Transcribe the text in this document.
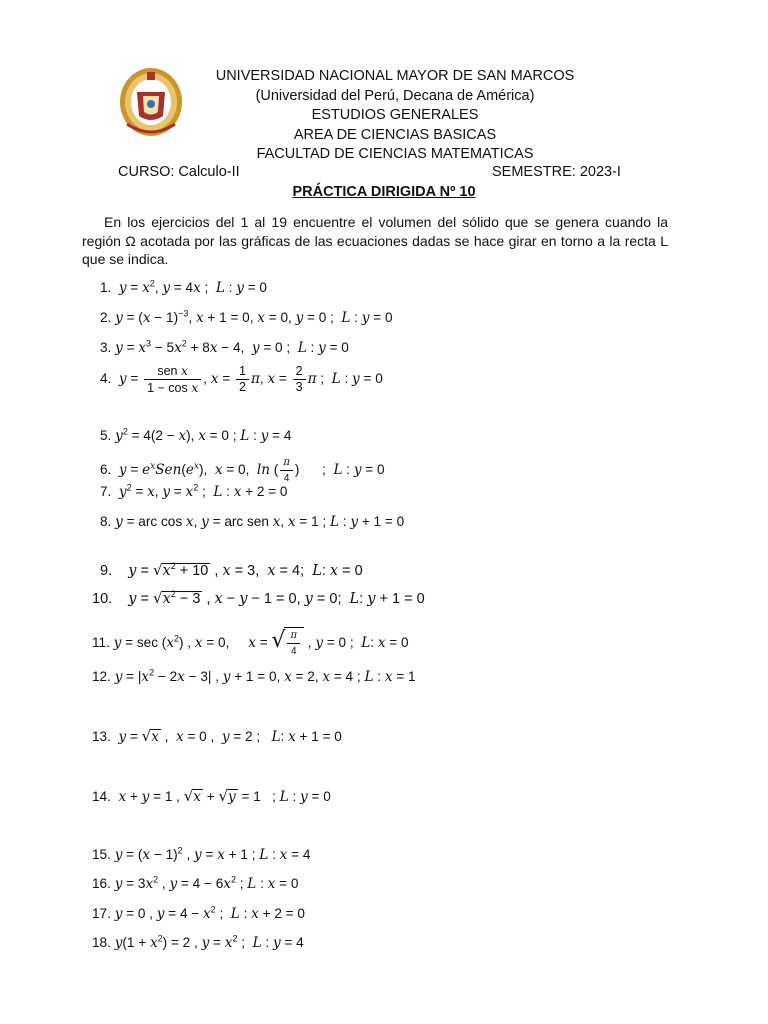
UNIVERSIDAD NACIONAL MAYOR DE SAN MARCOS
(Universidad del Perú, Decana de América)
ESTUDIOS GENERALES
AREA DE CIENCIAS BASICAS
FACULTAD DE CIENCIAS MATEMATICAS
CURSO: Calculo-II	SEMESTRE: 2023-I
PRÁCTICA DIRIGIDA Nº 10
En los ejercicios del 1 al 19 encuentre el volumen del sólido que se genera cuando la región Ω acotada por las gráficas de las ecuaciones dadas se hace girar en torno a la recta L que se indica.
1. $y = x^2$, y = 4x ;  L : y = 0
2. $y = (x - 1)^{-3}$, x + 1 = 0, x = 0, y = 0 ;  L : y = 0
3. $y = x^3 - 5x^2 + 8x - 4$,  y = 0 ;  L : y = 0
4. $y = \frac{\text{sen x}}{\text{1 − cos x}}$ , $x = \frac{1}{2} \pi$, $x = \frac{2}{3}$ π ;  L : y = 0
5. $y^2 = 4(2 - x)$, x = 0 ; L : y = 4
6. $y = e^xSen(e^x)$,  x = 0,  ln ( $\frac{\pi}{4}$ )      ;  L : y = 0
7. $y^2 = x$, $y = x^2$ ;  L : x + 2 = 0
8. y = arc cos x, y = arc sen x, x = 1 ; L : y + 1 = 0
9. $y = √x^2 + 10$ , x = 3,  x = 4;  L: x = 0
10. $y = √x^2 - 3$ , x − y − 1 = 0, y = 0;  L: y + 1 = 0
11. $y = \sec (x^2)$ , x = 0,     x = √ $\frac{\pi}{4}$ , y = 0 ;  L: x = 0
12. $y = |x^2 - 2x - 3|$ , y + 1 = 0, x = 2, x = 4 ; L : x = 1
13. y = √x ,  x = 0 ,  y = 2 ;   L: x + 1 = 0
14. x + y = 1 , √x + √y = 1   ; L : y = 0
15. $y = (x - 1)^2$ , y = x + 1 ; L : x = 4
16. $y = 3x^2$ , $y = 4 - 6x^2$ ; L : x = 0
17. y = 0 , $y = 4 - x^2$ ;  L : x + 2 = 0
18. $y(1 + x^2) = 2$ , $y = x^2$ ;  L : y = 4
